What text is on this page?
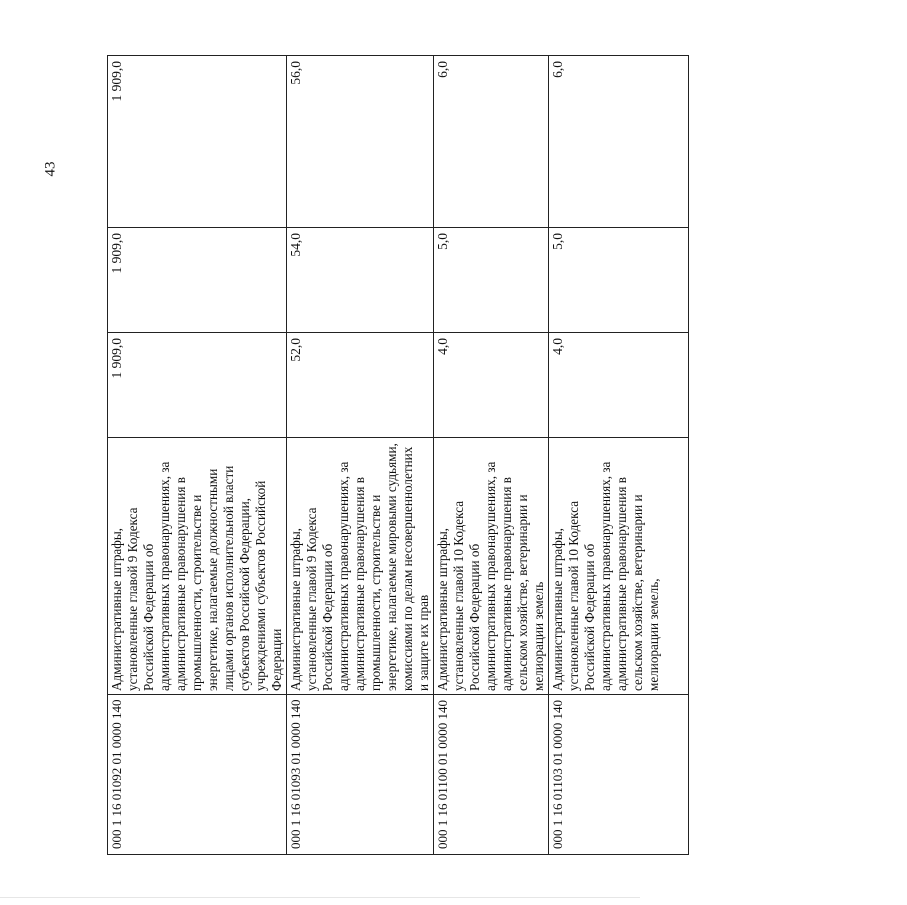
43
000 1 16 01092 01 0000 140	Административные штрафы, установленные главой 9 Кодекса Российской Федерации об административных правонарушениях, за административные правонарушения в промышленности, строительстве и энергетике, налагаемые должностными лицами органов исполнительной власти субъектов Российской Федерации, учреждениями субъектов Российской Федерации	1 909,0	1 909,0	1 909,0
000 1 16 01093 01 0000 140	Административные штрафы, установленные главой 9 Кодекса Российской Федерации об административных правонарушениях, за административные правонарушения в промышленности, строительстве и энергетике, налагаемые мировыми судьями, комиссиями по делам несовершеннолетних и защите их прав	52,0	54,0	56,0
000 1 16 01100 01 0000 140	Административные штрафы, установленные главой 10 Кодекса Российской Федерации об административных правонарушениях, за административные правонарушения в сельском хозяйстве, ветеринарии и мелиорации земель	4,0	5,0	6,0
000 1 16 01103 01 0000 140	Административные штрафы, установленные главой 10 Кодекса Российской Федерации об административных правонарушениях, за административные правонарушения в сельском хозяйстве, ветеринарии и мелиорации земель,	4,0	5,0	6,0
